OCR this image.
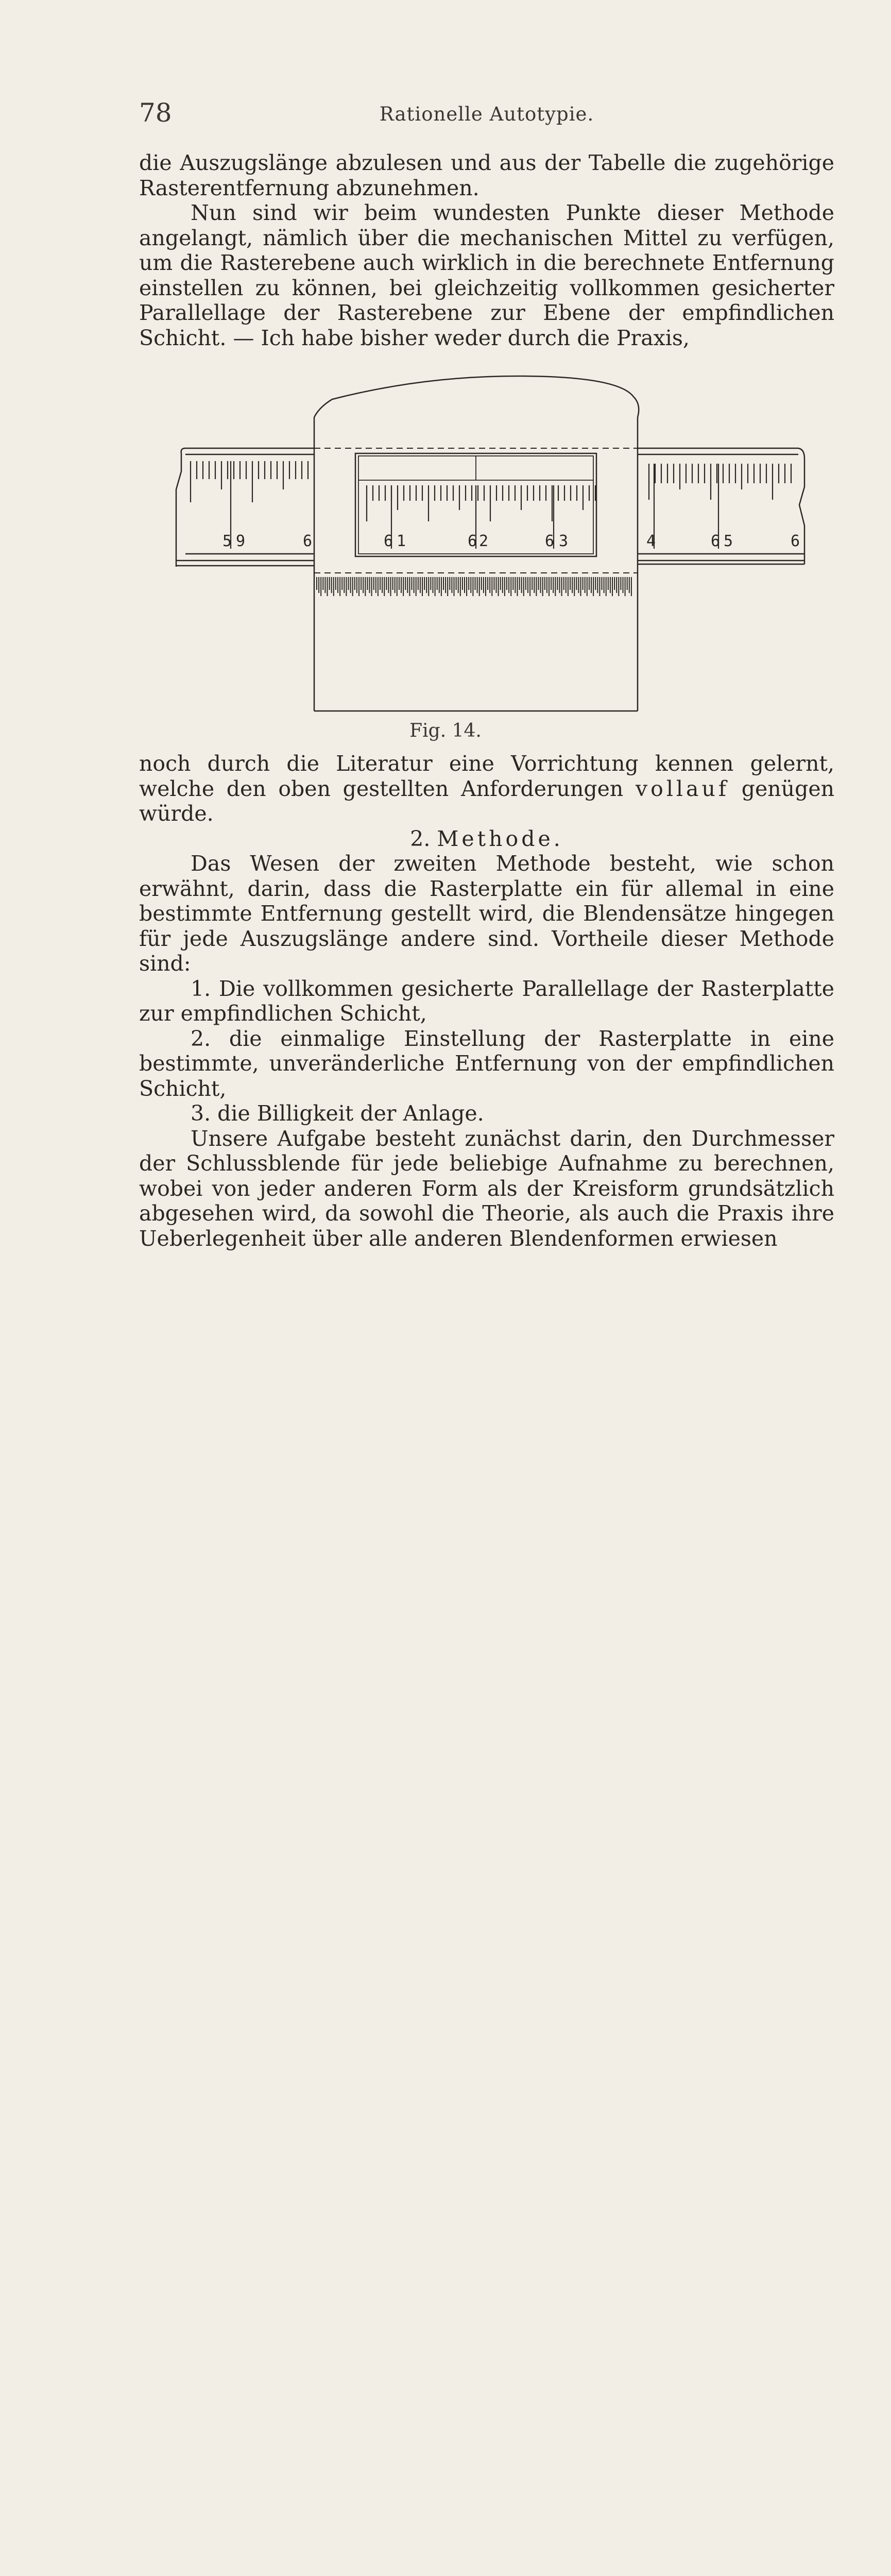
78	Rationelle Autotypie.

die Auszugslänge abzulesen und aus der Tabelle die zugehörige Rasterentfernung abzunehmen.

Nun sind wir beim wundesten Punkte dieser Methode angelangt, nämlich über die mechanischen Mittel zu verfügen, um die Rasterebene auch wirklich in die berechnete Entfernung einstellen zu können, bei gleichzeitig vollkommen gesicherter Parallellage der Rasterebene zur Ebene der empfindlichen Schicht. — Ich habe bisher weder durch die Praxis,

5 9	6	6 1	6 2	6 3	4	6 5	6
Fig. 14.

noch durch die Literatur eine Vorrichtung kennen gelernt, welche den oben gestellten Anforderungen vollauf genügen würde.

2. Methode.

Das Wesen der zweiten Methode besteht, wie schon erwähnt, darin, dass die Rasterplatte ein für allemal in eine bestimmte Entfernung gestellt wird, die Blendensätze hingegen für jede Auszugslänge andere sind. Vortheile dieser Methode sind:

1. Die vollkommen gesicherte Parallellage der Rasterplatte zur empfindlichen Schicht,

2. die einmalige Einstellung der Rasterplatte in eine bestimmte, unveränderliche Entfernung von der empfindlichen Schicht,

3. die Billigkeit der Anlage.

Unsere Aufgabe besteht zunächst darin, den Durchmesser der Schlussblende für jede beliebige Aufnahme zu berechnen, wobei von jeder anderen Form als der Kreisform grundsätzlich abgesehen wird, da sowohl die Theorie, als auch die Praxis ihre Ueberlegenheit über alle anderen Blendenformen erwiesen
